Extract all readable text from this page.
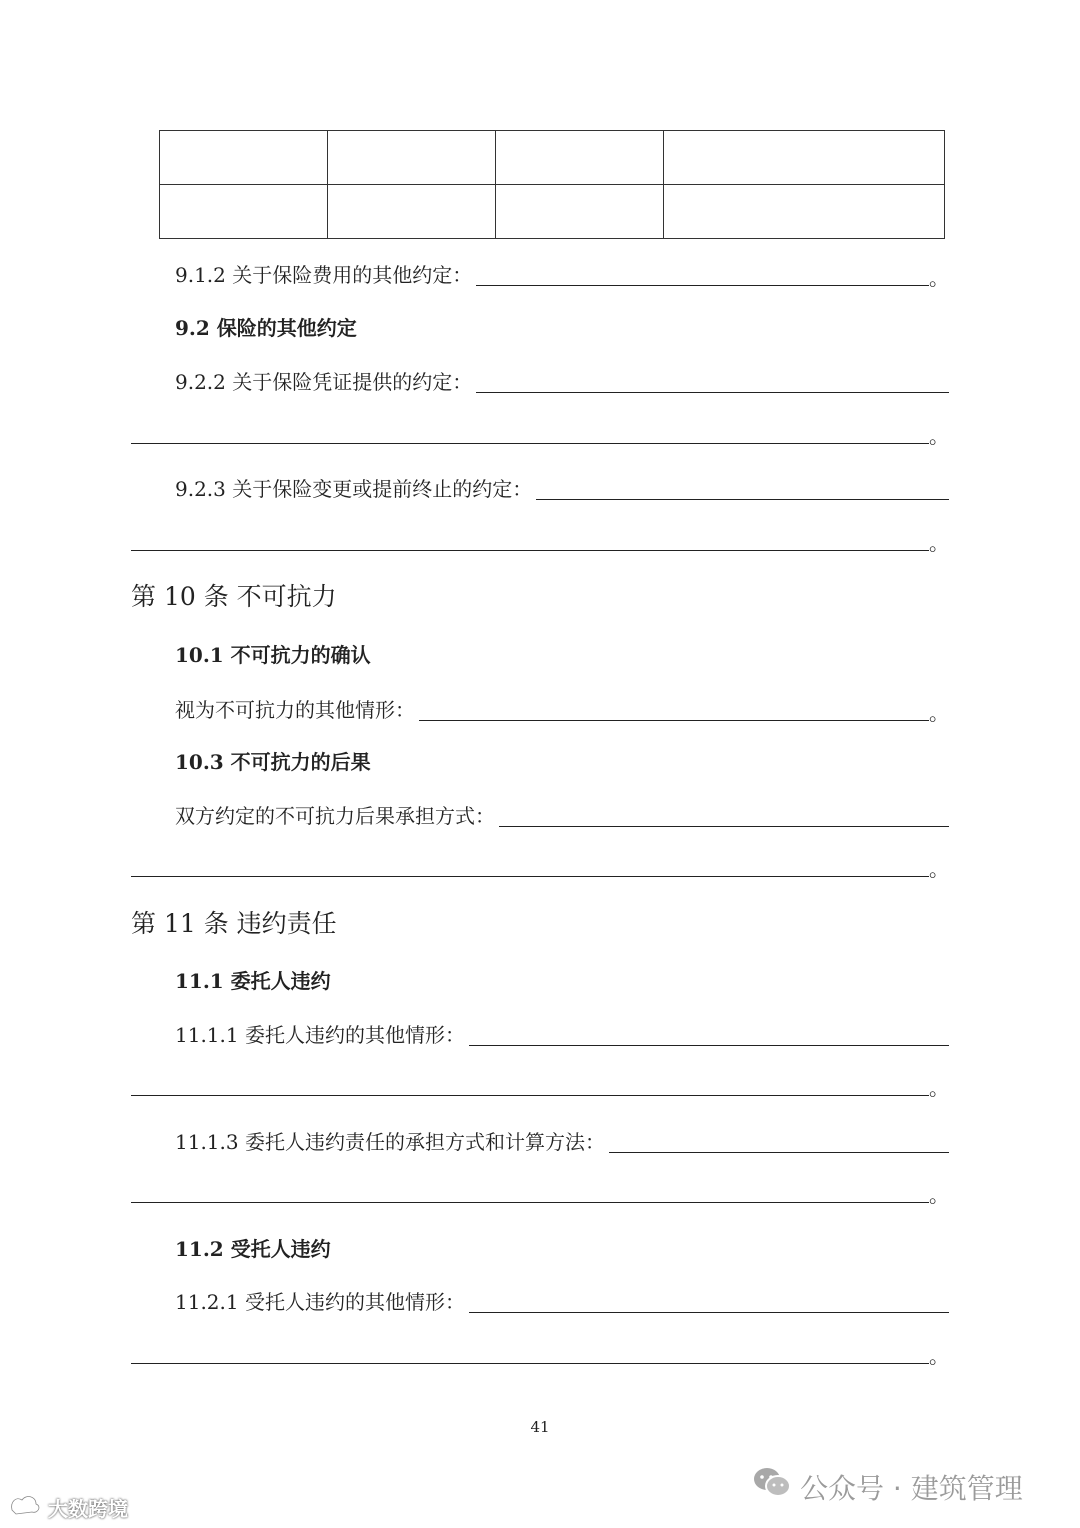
9.1.2 关于保险费用的其他约定：	。
9.2 保险的其他约定
9.2.2 关于保险凭证提供的约定：
。
9.2.3 关于保险变更或提前终止的约定：
。
第 10 条 不可抗力
10.1 不可抗力的确认
视为不可抗力的其他情形：	。
10.3 不可抗力的后果
双方约定的不可抗力后果承担方式：
。
第 11 条 违约责任
11.1 委托人违约
11.1.1 委托人违约的其他情形：
。
11.1.3 委托人违约责任的承担方式和计算方法：
。
11.2 受托人违约
11.2.1 受托人违约的其他情形：
。
41
公众号 · 建筑管理
大数跨境
